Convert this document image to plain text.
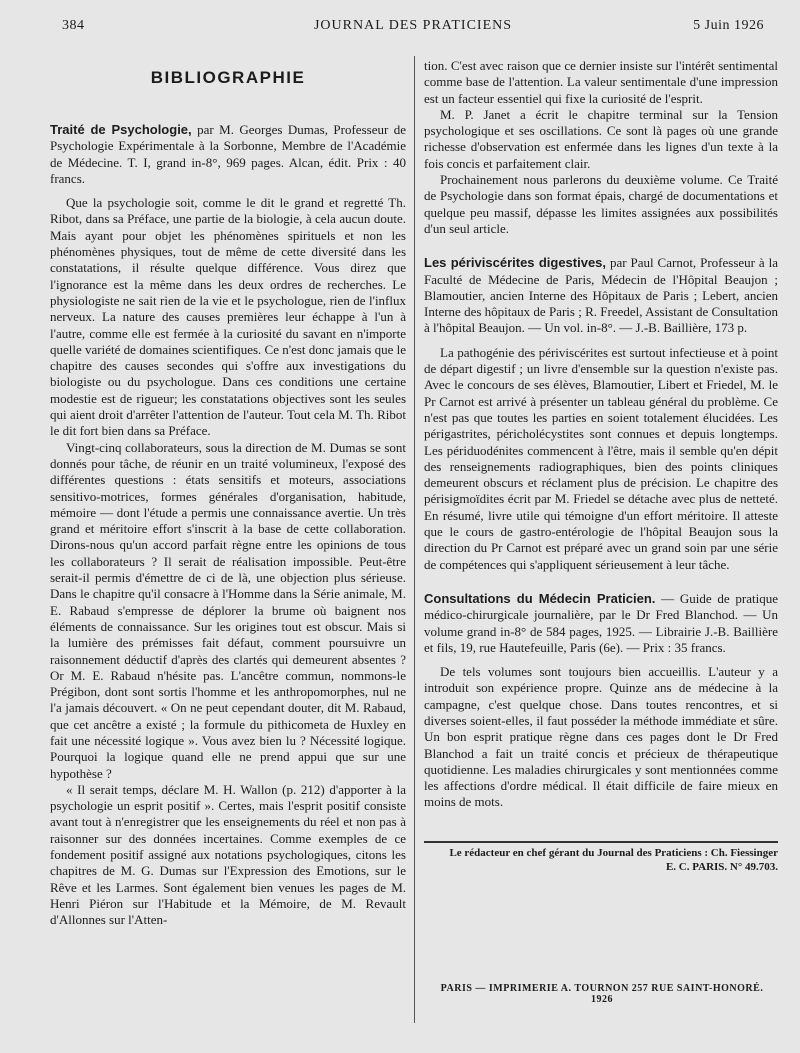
384	JOURNAL DES PRATICIENS	5 Juin 1926
BIBLIOGRAPHIE

Traité de Psychologie, par M. Georges Dumas, Professeur de Psychologie Expérimentale à la Sorbonne, Membre de l'Académie de Médecine. T. I, grand in-8°, 969 pages. Alcan, édit. Prix : 40 francs.

Que la psychologie soit, comme le dit le grand et regretté Th. Ribot, dans sa Préface, une partie de la biologie, à cela aucun doute. Mais ayant pour objet les phénomènes spirituels et non les phénomènes physiques, tout de même de cette diversité dans les constatations, il résulte quelque différence. Vous direz que l'ignorance est la même dans les deux ordres de recherches. Le physiologiste ne sait rien de la vie et le psychologue, rien de l'influx nerveux. La nature des causes premières leur échappe à l'un à l'autre, comme elle est fermée à la curiosité du savant en n'importe quelle variété de domaines scientifiques. Ce n'est donc jamais que le chapitre des causes secondes qui s'offre aux investigations du biologiste ou du psychologue. Dans ces conditions une certaine modestie est de rigueur; les constatations objectives sont les seules qui aient droit d'arrêter l'attention de l'auteur. Tout cela M. Th. Ribot le dit fort bien dans sa Préface.

Vingt-cinq collaborateurs, sous la direction de M. Dumas se sont donnés pour tâche, de réunir en un traité volumineux, l'exposé des différentes questions : états sensitifs et moteurs, associations sensitivo-motrices, formes générales d'organisation, habitude, mémoire — dont l'étude a permis une connaissance avertie. Un très grand et méritoire effort s'inscrit à la base de cette collaboration. Dirons-nous qu'un accord parfait règne entre les opinions de tous les collaborateurs ? Il serait de réalisation impossible. Peut-être serait-il permis d'émettre de ci de là, une objection plus sérieuse. Dans le chapitre qu'il consacre à l'Homme dans la Série animale, M. E. Rabaud s'empresse de déplorer la brume où baignent nos éléments de connaissance. Sur les origines tout est obscur. Mais si la lumière des prémisses fait défaut, comment poursuivre un raisonnement déductif d'après des clartés qui demeurent absentes ? Or M. E. Rabaud n'hésite pas. L'ancêtre commun, nommons-le Prégibon, dont sont sortis l'homme et les anthropomorphes, nul ne l'a jamais découvert. « On ne peut cependant douter, dit M. Rabaud, que cet ancêtre a existé ; la formule du pithicometa de Huxley en fait une nécessité logique ». Vous avez bien lu ? Nécessité logique. Pourquoi la logique quand elle ne prend appui que sur une hypothèse ?

« Il serait temps, déclare M. H. Wallon (p. 212) d'apporter à la psychologie un esprit positif ». Certes, mais l'esprit positif consiste avant tout à n'enregistrer que les enseignements du réel et non pas à raisonner sur des données incertaines. Comme exemples de ce fondement positif assigné aux notations psychologiques, citons les chapitres de M. G. Dumas sur l'Expression des Emotions, sur le Rêve et les Larmes. Sont également bien venues les pages de M. Henri Piéron sur l'Habitude et la Mémoire, de M. Revault d'Allonnes sur l'Atten-

tion. C'est avec raison que ce dernier insiste sur l'intérêt sentimental comme base de l'attention. La valeur sentimentale d'une impression est un facteur essentiel qui fixe la curiosité de l'esprit.

M. P. Janet a écrit le chapitre terminal sur la Tension psychologique et ses oscillations. Ce sont là pages où une grande richesse d'observation est enfermée dans les lignes d'un texte à la fois concis et parfaitement clair.

Prochainement nous parlerons du deuxième volume. Ce Traité de Psychologie dans son format épais, chargé de documentations et quelque peu massif, dépasse les limites assignées aux possibilités d'un seul article.

Les périviscérites digestives, par Paul Carnot, Professeur à la Faculté de Médecine de Paris, Médecin de l'Hôpital Beaujon ; Blamoutier, ancien Interne des Hôpitaux de Paris ; Lebert, ancien Interne des hôpitaux de Paris ; R. Freedel, Assistant de Consultation à l'hôpital Beaujon. — Un vol. in-8°. — J.-B. Baillière, 173 p.

La pathogénie des périviscérites est surtout infectieuse et à point de départ digestif ; un livre d'ensemble sur la question n'existe pas. Avec le concours de ses élèves, Blamoutier, Libert et Friedel, M. le Pr Carnot est arrivé à présenter un tableau général du problème. Ce n'est pas que toutes les parties en soient totalement élucidées. Les périgastrites, péricholécystites sont connues et depuis longtemps. Les périduodénites commencent à l'être, mais il semble qu'en dépit des renseignements radiographiques, bien des points cliniques demeurent obscurs et réclament plus de précision. Le chapitre des périsigmoïdites écrit par M. Friedel se détache avec plus de netteté. En résumé, livre utile qui témoigne d'un effort méritoire. Il atteste que le cours de gastro-entérologie de l'hôpital Beaujon sous la direction du Pr Carnot est préparé avec un grand soin par une série de compétences qui s'appliquent sérieusement à leur tâche.

Consultations du Médecin Praticien. — Guide de pratique médico-chirurgicale journalière, par le Dr Fred Blanchod. — Un volume grand in-8° de 584 pages, 1925. — Librairie J.-B. Baillière et fils, 19, rue Hautefeuille, Paris (6e). — Prix : 35 francs.

De tels volumes sont toujours bien accueillis. L'auteur y a introduit son expérience propre. Quinze ans de médecine à la campagne, c'est quelque chose. Dans toutes rencontres, et si diverses soient-elles, il faut posséder la méthode immédiate et sûre. Un bon esprit pratique règne dans ces pages dont le Dr Fred Blanchod a fait un traité concis et précieux de thérapeutique quotidienne. Les maladies chirurgicales y sont mentionnées comme les affections d'ordre médical. Il était difficile de faire mieux en moins de mots.

Le rédacteur en chef gérant du Journal des Praticiens : Ch. Fiessinger
E. C. PARIS. N° 49.703.
PARIS — IMPRIMERIE A. TOURNON 257 RUE SAINT-HONORÉ. 1926
